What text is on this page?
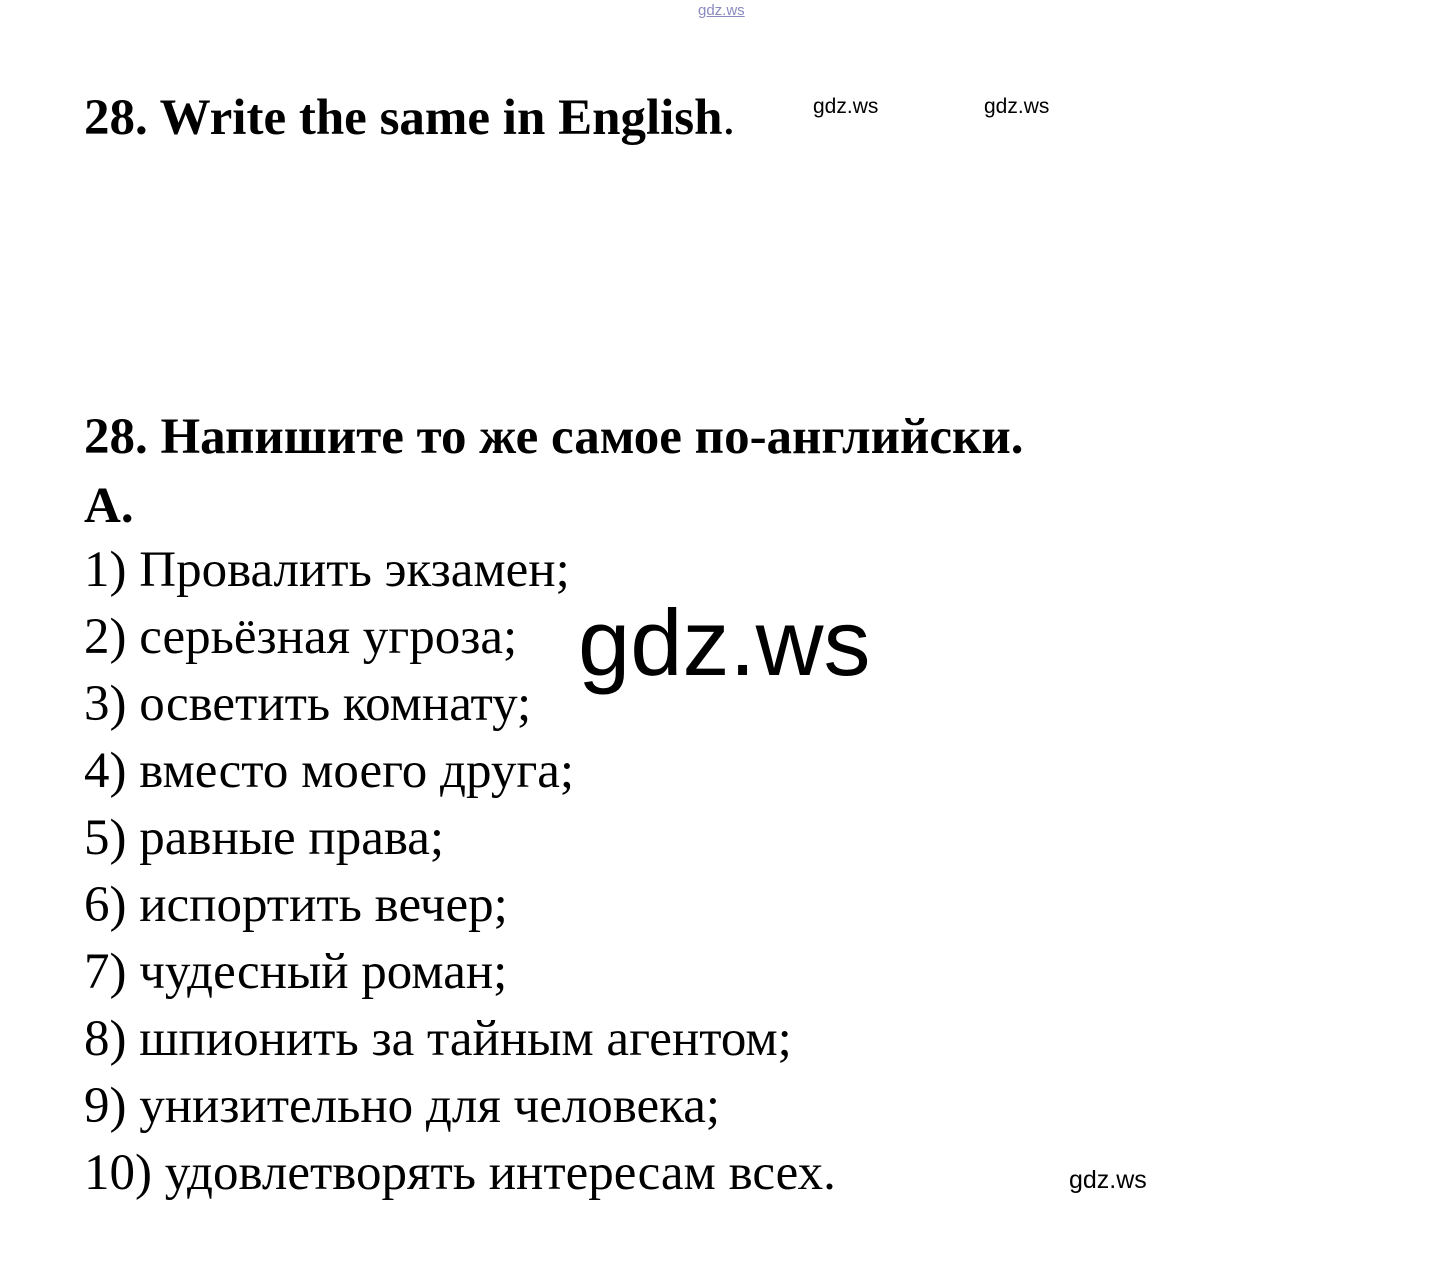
gdz.ws
28. Write the same in English.	gdz.ws	gdz.ws
28. Напишите то же самое по-английски.
A.
1) Провалить экзамен;
2) серьёзная угроза;
3) осветить комнату;
4) вместо моего друга;
5) равные права;
6) испортить вечер;
7) чудесный роман;
8) шпионить за тайным агентом;
9) унизительно для человека;
10) удовлетворять интересам всех.
gdz.ws
gdz.ws
